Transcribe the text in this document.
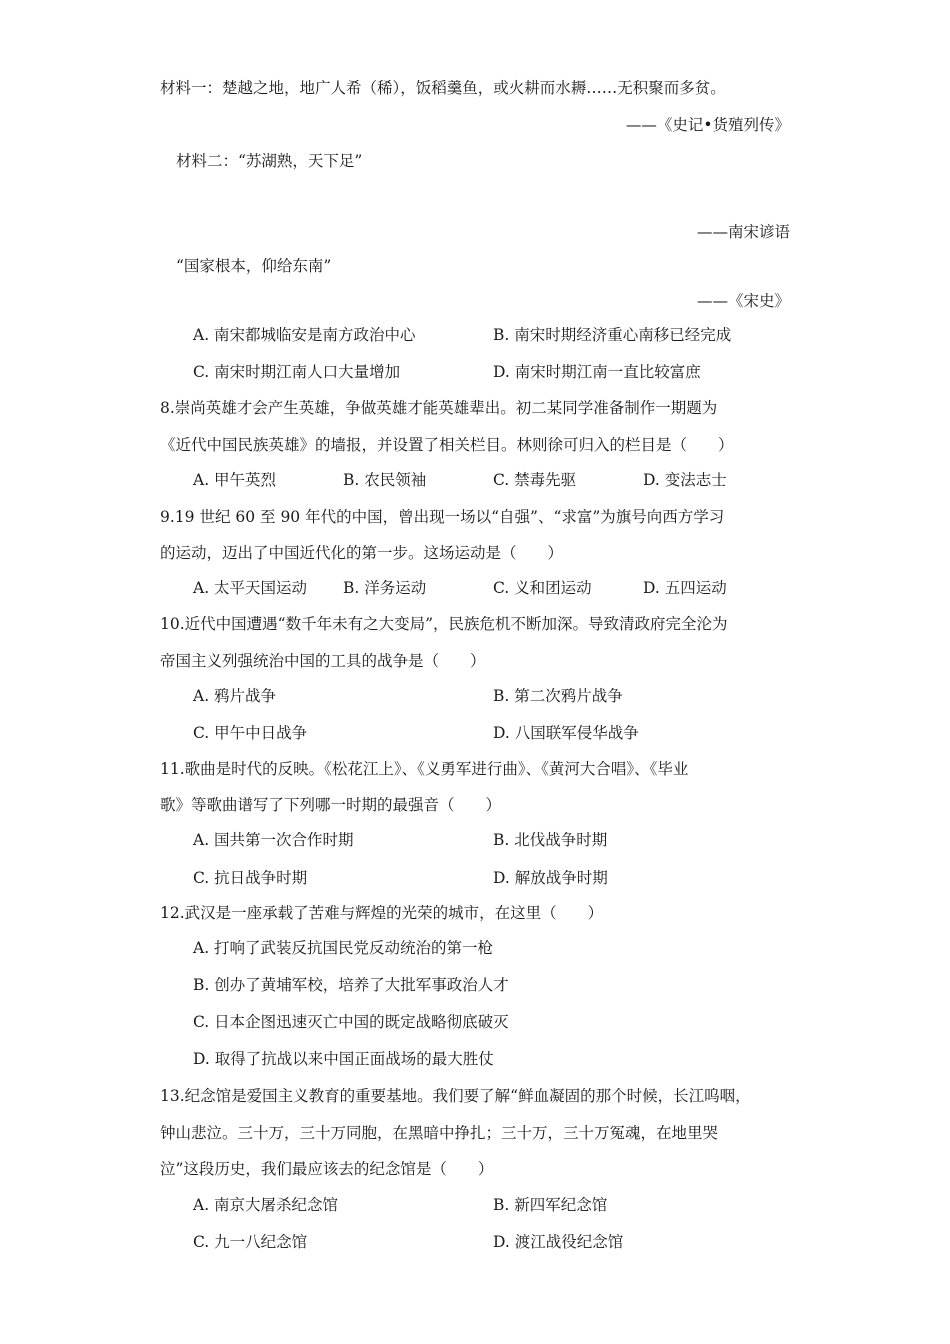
材料一：楚越之地，地广人希（稀），饭稻羹鱼，或火耕而水耨……无积聚而多贫。
——《史记•货殖列传》
材料二：“苏湖熟，天下足”
——南宋谚语
“国家根本，仰给东南”
——《宋史》
A. 南宋都城临安是南方政治中心	B. 南宋时期经济重心南移已经完成
C. 南宋时期江南人口大量增加	D. 南宋时期江南一直比较富庶
8.崇尚英雄才会产生英雄，争做英雄才能英雄辈出。初二某同学准备制作一期题为
《近代中国民族英雄》的墙报，并设置了相关栏目。林则徐可归入的栏目是（　　）
A. 甲午英烈	B. 农民领袖	C. 禁毒先驱	D. 变法志士
9.19 世纪 60 至 90 年代的中国，曾出现一场以“自强”、“求富”为旗号向西方学习
的运动，迈出了中国近代化的第一步。这场运动是（　　）
A. 太平天国运动 B. 洋务运动	C. 义和团运动	D. 五四运动
10.近代中国遭遇“数千年未有之大变局”，民族危机不断加深。导致清政府完全沦为
帝国主义列强统治中国的工具的战争是（　　）
A. 鸦片战争	B. 第二次鸦片战争
C. 甲午中日战争	D. 八国联军侵华战争
11.歌曲是时代的反映。《松花江上》、《义勇军进行曲》、《黄河大合唱》、《毕业
歌》等歌曲谱写了下列哪一时期的最强音（　　）
A. 国共第一次合作时期	B. 北伐战争时期
C. 抗日战争时期	D. 解放战争时期
12.武汉是一座承载了苦难与辉煌的光荣的城市，在这里（　　）
A. 打响了武装反抗国民党反动统治的第一枪
B. 创办了黄埔军校，培养了大批军事政治人才
C. 日本企图迅速灭亡中国的既定战略彻底破灭
D. 取得了抗战以来中国正面战场的最大胜仗
13.纪念馆是爱国主义教育的重要基地。我们要了解“鲜血凝固的那个时候，长江呜咽，
钟山悲泣。三十万，三十万同胞，在黑暗中挣扎；三十万，三十万冤魂，在地里哭
泣”这段历史，我们最应该去的纪念馆是（　　）
A. 南京大屠杀纪念馆	B. 新四军纪念馆
C. 九一八纪念馆	D. 渡江战役纪念馆
